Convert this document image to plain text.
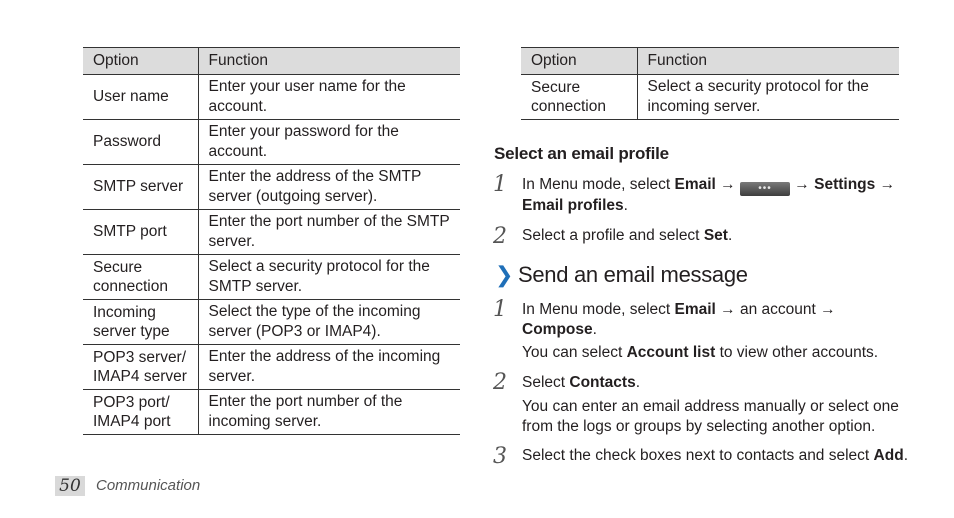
Option	Function
User name	Enter your user name for the account.

Password	Enter your password for the account.

SMTP server	Enter the address of the SMTP server (outgoing server).

SMTP port	Enter the port number of the SMTP server.

Secure connection	Select a security protocol for the SMTP server.

Incoming server type	Select the type of the incoming server (POP3 or IMAP4).

POP3 server/ IMAP4 server	Enter the address of the incoming server.

POP3 port/ IMAP4 port	Enter the port number of the incoming server.
Option	Function
Secure connection	Select a security protocol for the incoming server.
Select an email profile
1 In Menu mode, select Email → ••• → Settings →
Email profiles.
2 Select a profile and select Set.
❯ Send an email message
1 In Menu mode, select Email → an account →
Compose.
You can select Account list to view other accounts.
2 Select Contacts.
You can enter an email address manually or select one from the logs or groups by selecting another option.
3 Select the check boxes next to contacts and select Add.
50 Communication
